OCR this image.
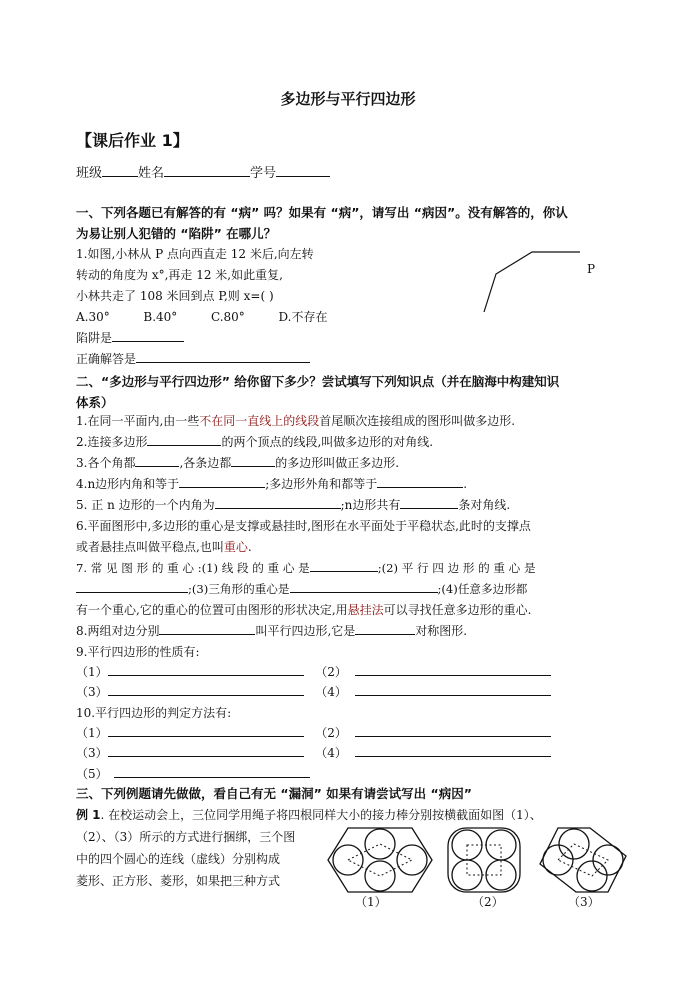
多边形与平行四边形
【课后作业 1】
班级	姓名	学号
一、下列各题已有解答的有 “病” 吗？如果有 “病”，请写出 “病因”。没有解答的，你认
为易让别人犯错的 “陷阱” 在哪儿？
1.如图,小林从 P 点向西直走 12 米后,向左转
转动的角度为 x°,再走 12 米,如此重复,
小林共走了 108 米回到点 P,则 x=( )
A.30°	B.40°	C.80°	D.不存在
陷阱是
正确解答是
P
二、“多边形与平行四边形” 给你留下多少？尝试填写下列知识点（并在脑海中构建知识
体系）
1.在同一平面内,由一些不在同一直线上的线段首尾顺次连接组成的图形叫做多边形.
2.连接多边形	的两个顶点的线段,叫做多边形的对角线.
3.各个角都	,各条边都	的多边形叫做正多边形.
4.n边形内角和等于	;多边形外角和都等于	.
5. 正 n 边形的一个内角为	;n边形共有	条对角线.
6.平面图形中,多边形的重心是支撑或悬挂时,图形在水平面处于平稳状态,此时的支撑点
或者悬挂点叫做平稳点,也叫重心.
7. 常 见 图 形 的 重 心 :(1) 线 段 的 重 心 是	;(2) 平 行 四 边 形 的 重 心 是
;(3)三角形的重心是	;(4)任意多边形都
有一个重心,它的重心的位置可由图形的形状决定,用悬挂法可以寻找任意多边形的重心.
8.两组对边分别	叫平行四边形,它是	对称图形.
9.平行四边形的性质有:
（1）	（2）
（3）	（4）
10.平行四边形的判定方法有:
（1）	（2）
（3）	（4）
（5）
三、下列例题请先做做，看自己有无 “漏洞” 如果有请尝试写出 “病因”
例 1. 在校运动会上，三位同学用绳子将四根同样大小的接力棒分别按横截面如图（1）、
（2）、（3）所示的方式进行捆绑，三个图
中的四个圆心的连线（虚线）分别构成
菱形、正方形、菱形，如果把三种方式
（1）	（2）	（3）
